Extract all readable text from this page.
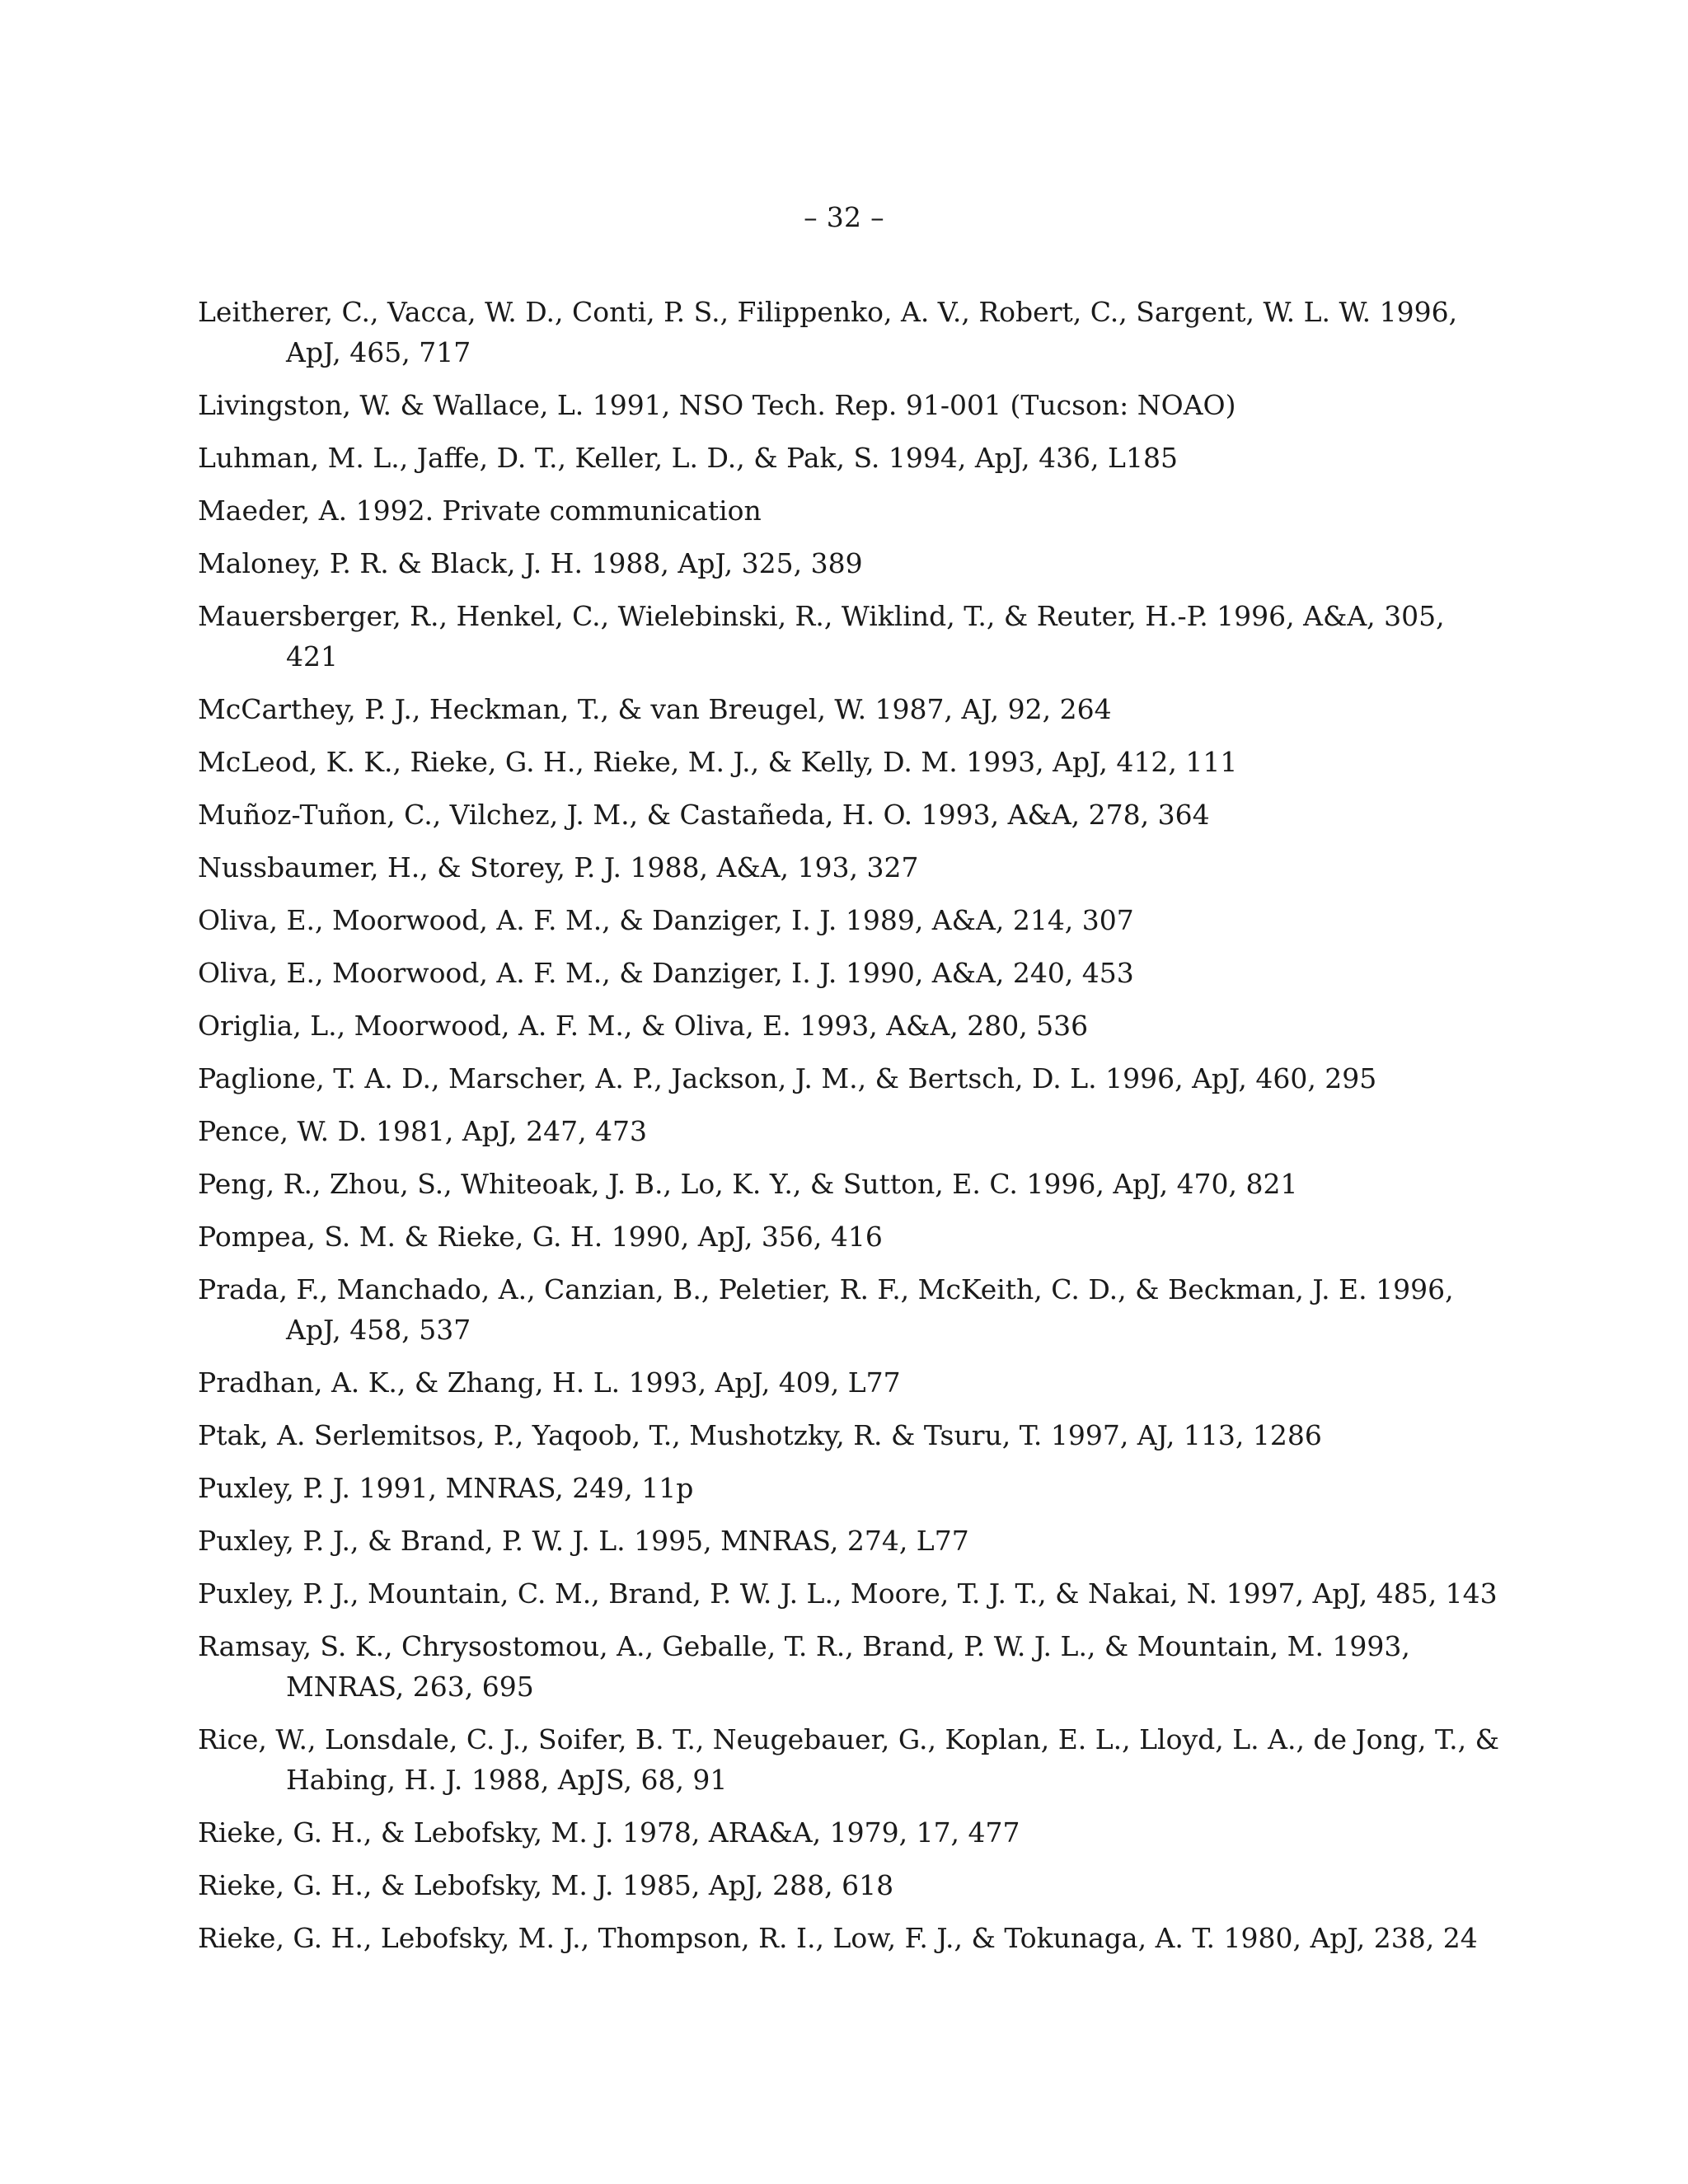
– 32 –
Leitherer, C., Vacca, W. D., Conti, P. S., Filippenko, A. V., Robert, C., Sargent, W. L. W. 1996, ApJ, 465, 717
Livingston, W. & Wallace, L. 1991, NSO Tech. Rep. 91-001 (Tucson: NOAO)
Luhman, M. L., Jaffe, D. T., Keller, L. D., & Pak, S. 1994, ApJ, 436, L185
Maeder, A. 1992. Private communication
Maloney, P. R. & Black, J. H. 1988, ApJ, 325, 389
Mauersberger, R., Henkel, C., Wielebinski, R., Wiklind, T., & Reuter, H.-P. 1996, A&A, 305, 421
McCarthey, P. J., Heckman, T., & van Breugel, W. 1987, AJ, 92, 264
McLeod, K. K., Rieke, G. H., Rieke, M. J., & Kelly, D. M. 1993, ApJ, 412, 111
Muñoz-Tuñon, C., Vilchez, J. M., & Castañeda, H. O. 1993, A&A, 278, 364
Nussbaumer, H., & Storey, P. J. 1988, A&A, 193, 327
Oliva, E., Moorwood, A. F. M., & Danziger, I. J. 1989, A&A, 214, 307
Oliva, E., Moorwood, A. F. M., & Danziger, I. J. 1990, A&A, 240, 453
Origlia, L., Moorwood, A. F. M., & Oliva, E. 1993, A&A, 280, 536
Paglione, T. A. D., Marscher, A. P., Jackson, J. M., & Bertsch, D. L. 1996, ApJ, 460, 295
Pence, W. D. 1981, ApJ, 247, 473
Peng, R., Zhou, S., Whiteoak, J. B., Lo, K. Y., & Sutton, E. C. 1996, ApJ, 470, 821
Pompea, S. M. & Rieke, G. H. 1990, ApJ, 356, 416
Prada, F., Manchado, A., Canzian, B., Peletier, R. F., McKeith, C. D., & Beckman, J. E. 1996, ApJ, 458, 537
Pradhan, A. K., & Zhang, H. L. 1993, ApJ, 409, L77
Ptak, A. Serlemitsos, P., Yaqoob, T., Mushotzky, R. & Tsuru, T. 1997, AJ, 113, 1286
Puxley, P. J. 1991, MNRAS, 249, 11p
Puxley, P. J., & Brand, P. W. J. L. 1995, MNRAS, 274, L77
Puxley, P. J., Mountain, C. M., Brand, P. W. J. L., Moore, T. J. T., & Nakai, N. 1997, ApJ, 485, 143
Ramsay, S. K., Chrysostomou, A., Geballe, T. R., Brand, P. W. J. L., & Mountain, M. 1993, MNRAS, 263, 695
Rice, W., Lonsdale, C. J., Soifer, B. T., Neugebauer, G., Koplan, E. L., Lloyd, L. A., de Jong, T., & Habing, H. J. 1988, ApJS, 68, 91
Rieke, G. H., & Lebofsky, M. J. 1978, ARA&A, 1979, 17, 477
Rieke, G. H., & Lebofsky, M. J. 1985, ApJ, 288, 618
Rieke, G. H., Lebofsky, M. J., Thompson, R. I., Low, F. J., & Tokunaga, A. T. 1980, ApJ, 238, 24
